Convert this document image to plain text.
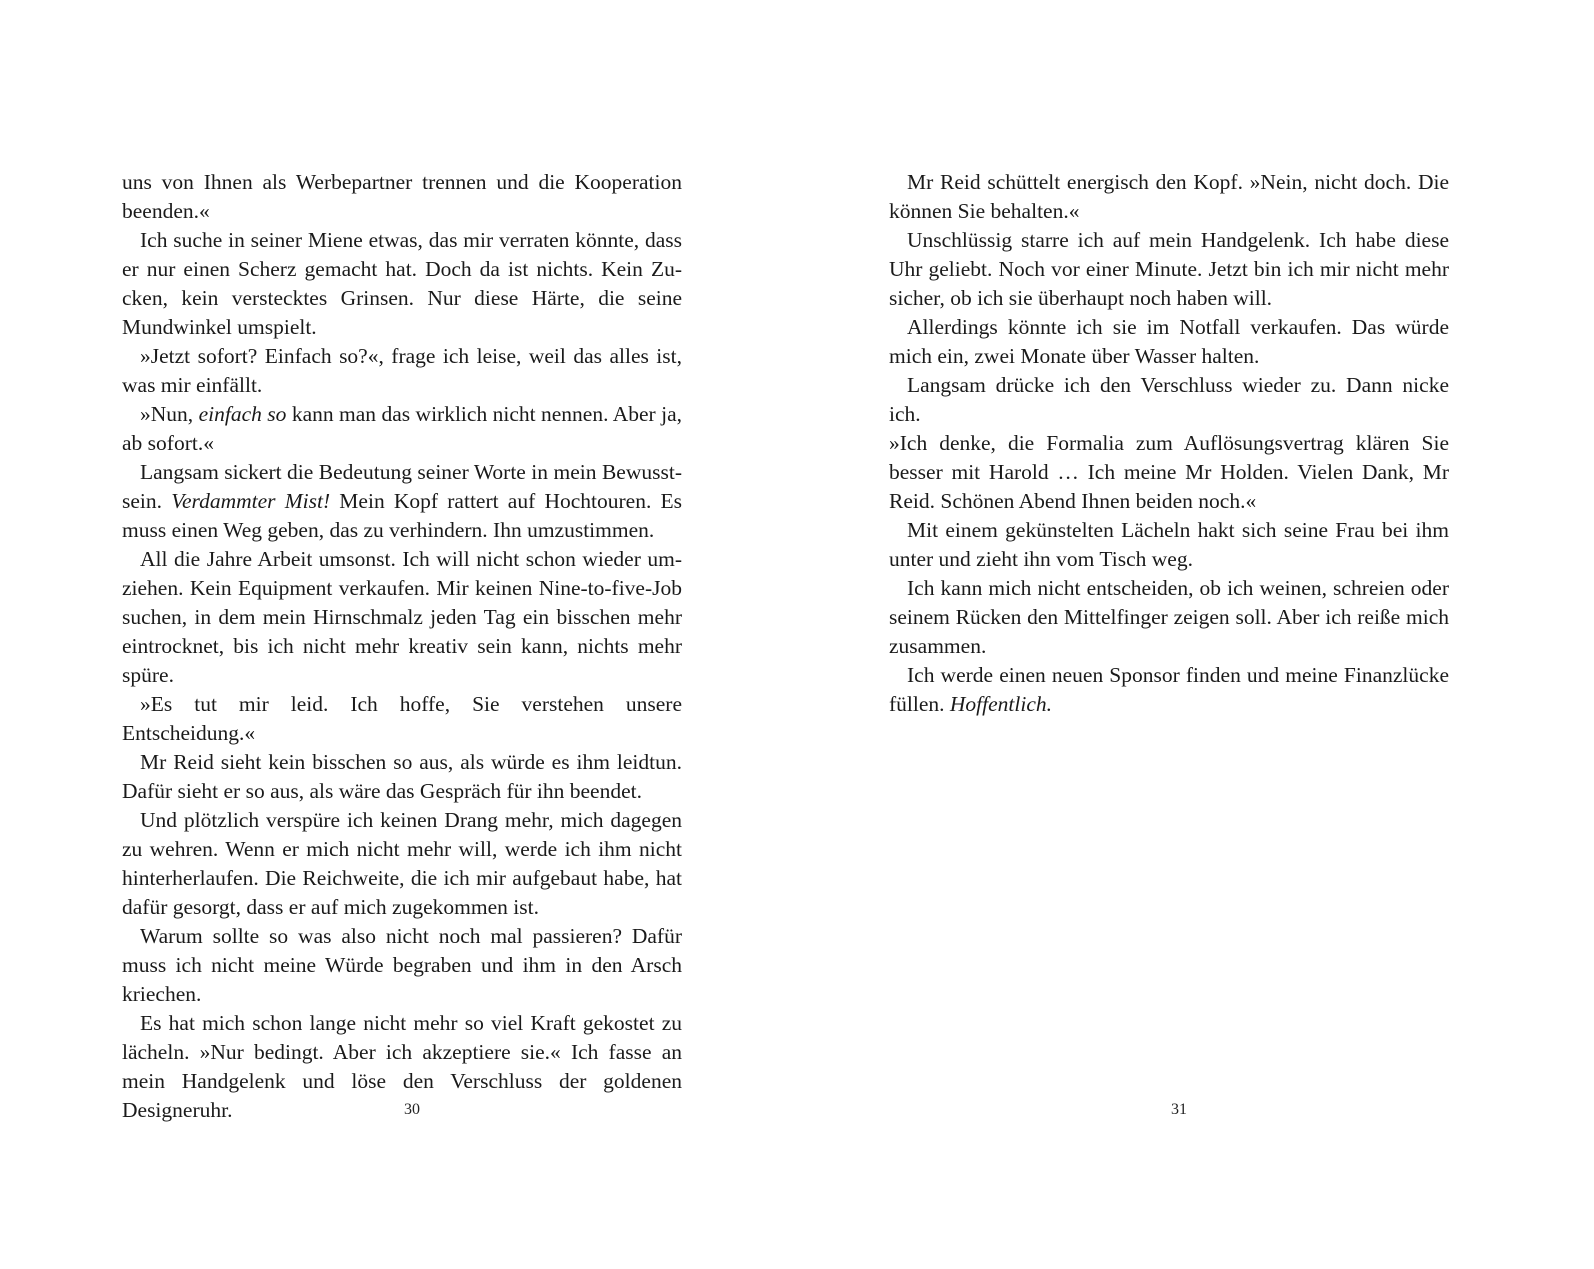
uns von Ihnen als Werbepartner trennen und die Kooperation beenden.«

Ich suche in seiner Miene etwas, das mir verraten könnte, dass er nur einen Scherz gemacht hat. Doch da ist nichts. Kein Zucken, kein verstecktes Grinsen. Nur diese Härte, die seine Mundwinkel umspielt.

»Jetzt sofort? Einfach so?«, frage ich leise, weil das alles ist, was mir einfällt.

»Nun, einfach so kann man das wirklich nicht nennen. Aber ja, ab sofort.«

Langsam sickert die Bedeutung seiner Worte in mein Bewusstsein. Verdammter Mist! Mein Kopf rattert auf Hochtouren. Es muss einen Weg geben, das zu verhindern. Ihn umzustimmen.

All die Jahre Arbeit umsonst. Ich will nicht schon wieder umziehen. Kein Equipment verkaufen. Mir keinen Nine-to-five-Job suchen, in dem mein Hirnschmalz jeden Tag ein bisschen mehr eintrocknet, bis ich nicht mehr kreativ sein kann, nichts mehr spüre.

»Es tut mir leid. Ich hoffe, Sie verstehen unsere Entscheidung.«

Mr Reid sieht kein bisschen so aus, als würde es ihm leidtun. Dafür sieht er so aus, als wäre das Gespräch für ihn beendet.

Und plötzlich verspüre ich keinen Drang mehr, mich dagegen zu wehren. Wenn er mich nicht mehr will, werde ich ihm nicht hinterherlaufen. Die Reichweite, die ich mir aufgebaut habe, hat dafür gesorgt, dass er auf mich zugekommen ist.

Warum sollte so was also nicht noch mal passieren? Dafür muss ich nicht meine Würde begraben und ihm in den Arsch kriechen.

Es hat mich schon lange nicht mehr so viel Kraft gekostet zu lächeln. »Nur bedingt. Aber ich akzeptiere sie.« Ich fasse an mein Handgelenk und löse den Verschluss der goldenen Designeruhr.	30

Mr Reid schüttelt energisch den Kopf. »Nein, nicht doch. Die können Sie behalten.«

Unschlüssig starre ich auf mein Handgelenk. Ich habe diese Uhr geliebt. Noch vor einer Minute. Jetzt bin ich mir nicht mehr sicher, ob ich sie überhaupt noch haben will.

Allerdings könnte ich sie im Notfall verkaufen. Das würde mich ein, zwei Monate über Wasser halten.

Langsam drücke ich den Verschluss wieder zu. Dann nicke ich.

»Ich denke, die Formalia zum Auflösungsvertrag klären Sie besser mit Harold … Ich meine Mr Holden. Vielen Dank, Mr Reid. Schönen Abend Ihnen beiden noch.«

Mit einem gekünstelten Lächeln hakt sich seine Frau bei ihm unter und zieht ihn vom Tisch weg.

Ich kann mich nicht entscheiden, ob ich weinen, schreien oder seinem Rücken den Mittelfinger zeigen soll. Aber ich reiße mich zusammen.

Ich werde einen neuen Sponsor finden und meine Finanzlücke füllen. Hoffentlich.

31
